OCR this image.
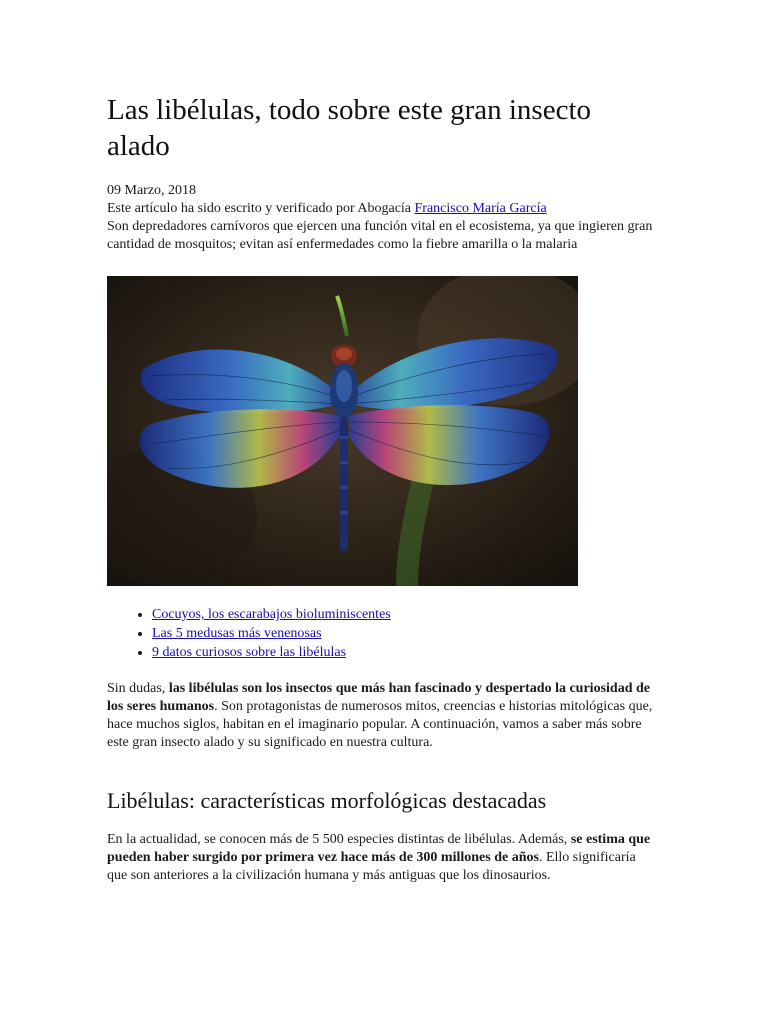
Las libélulas, todo sobre este gran insecto alado
09 Marzo, 2018
Este artículo ha sido escrito y verificado por Abogacía Francisco María García
Son depredadores carnívoros que ejercen una función vital en el ecosistema, ya que ingieren gran cantidad de mosquitos; evitan así enfermedades como la fiebre amarilla o la malaria
• Cocuyos, los escarabajos bioluminiscentes
• Las 5 medusas más venenosas
• 9 datos curiosos sobre las libélulas

Sin dudas, las libélulas son los insectos que más han fascinado y despertado la curiosidad de los seres humanos. Son protagonistas de numerosos mitos, creencias e historias mitológicas que, hace muchos siglos, habitan en el imaginario popular. A continuación, vamos a saber más sobre este gran insecto alado y su significado en nuestra cultura.

Libélulas: características morfológicas destacadas

En la actualidad, se conocen más de 5 500 especies distintas de libélulas. Además, se estima que pueden haber surgido por primera vez hace más de 300 millones de años. Ello significaría que son anteriores a la civilización humana y más antiguas que los dinosaurios.
